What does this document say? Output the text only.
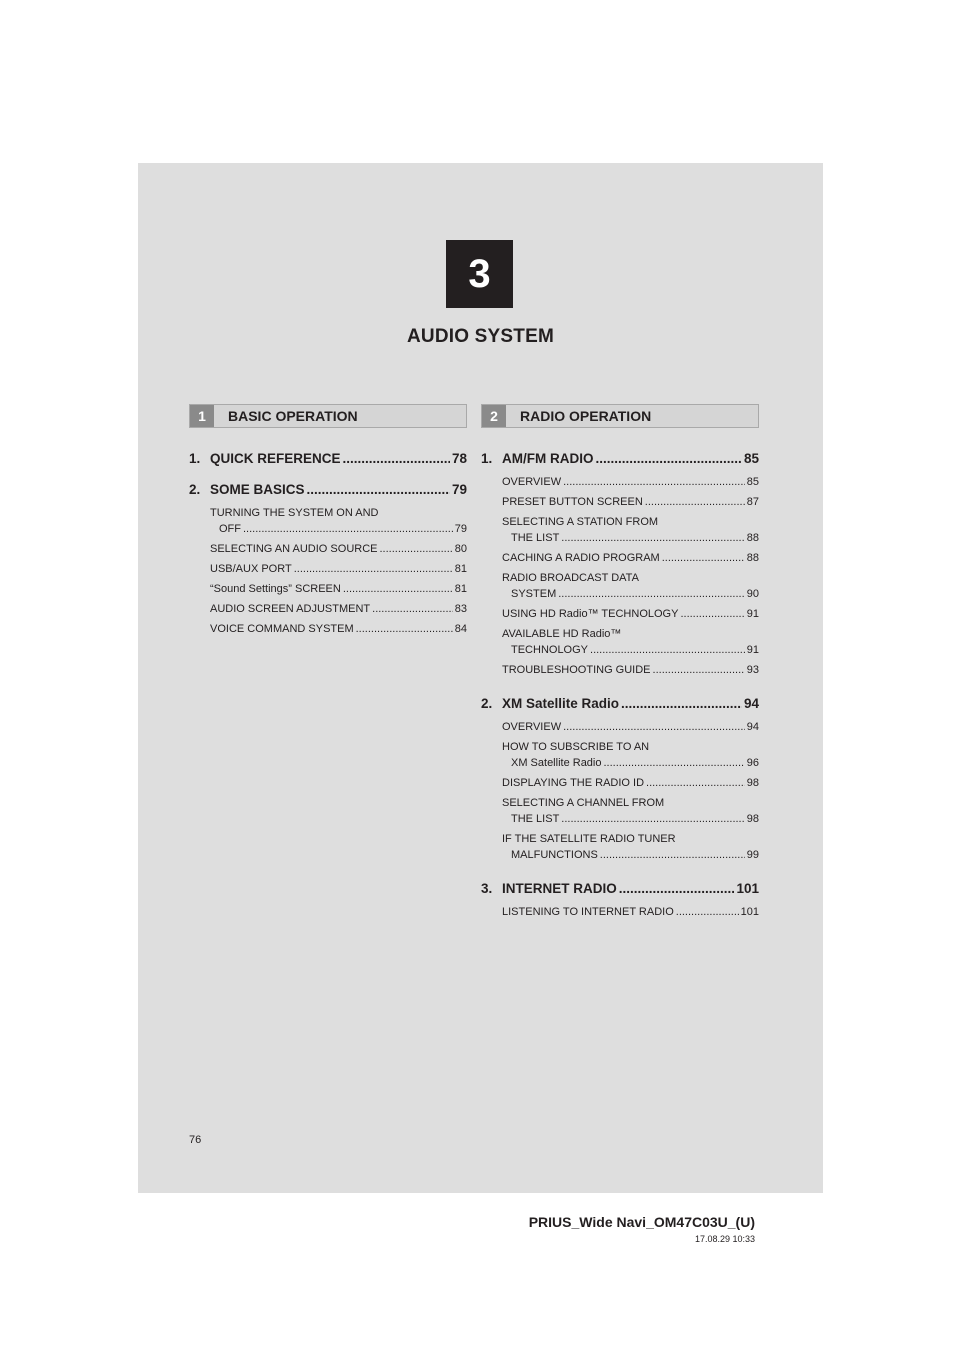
3
AUDIO SYSTEM
1	BASIC OPERATION
1. QUICK REFERENCE .....	78
2. SOME BASICS .....	79
TURNING THE SYSTEM ON AND
OFF .....	79
SELECTING AN AUDIO SOURCE .....	80
USB/AUX PORT .....	81
“Sound Settings” SCREEN .....	81
AUDIO SCREEN ADJUSTMENT .....	83
VOICE COMMAND SYSTEM .....	84
2	RADIO OPERATION
1. AM/FM RADIO .....	85
OVERVIEW .....	85
PRESET BUTTON SCREEN .....	87
SELECTING A STATION FROM
THE LIST .....	88
CACHING A RADIO PROGRAM .....	88
RADIO BROADCAST DATA
SYSTEM .....	90
USING HD Radio™ TECHNOLOGY .....	91
AVAILABLE HD Radio™
TECHNOLOGY .....	91
TROUBLESHOOTING GUIDE .....	93
2. XM Satellite Radio .....	94
OVERVIEW .....	94
HOW TO SUBSCRIBE TO AN
XM Satellite Radio .....	96
DISPLAYING THE RADIO ID .....	98
SELECTING A CHANNEL FROM
THE LIST .....	98
IF THE SATELLITE RADIO TUNER
MALFUNCTIONS .....	99
3. INTERNET RADIO .....	101
LISTENING TO INTERNET RADIO .....	101
76
PRIUS_Wide Navi_OM47C03U_(U)
17.08.29 10:33
